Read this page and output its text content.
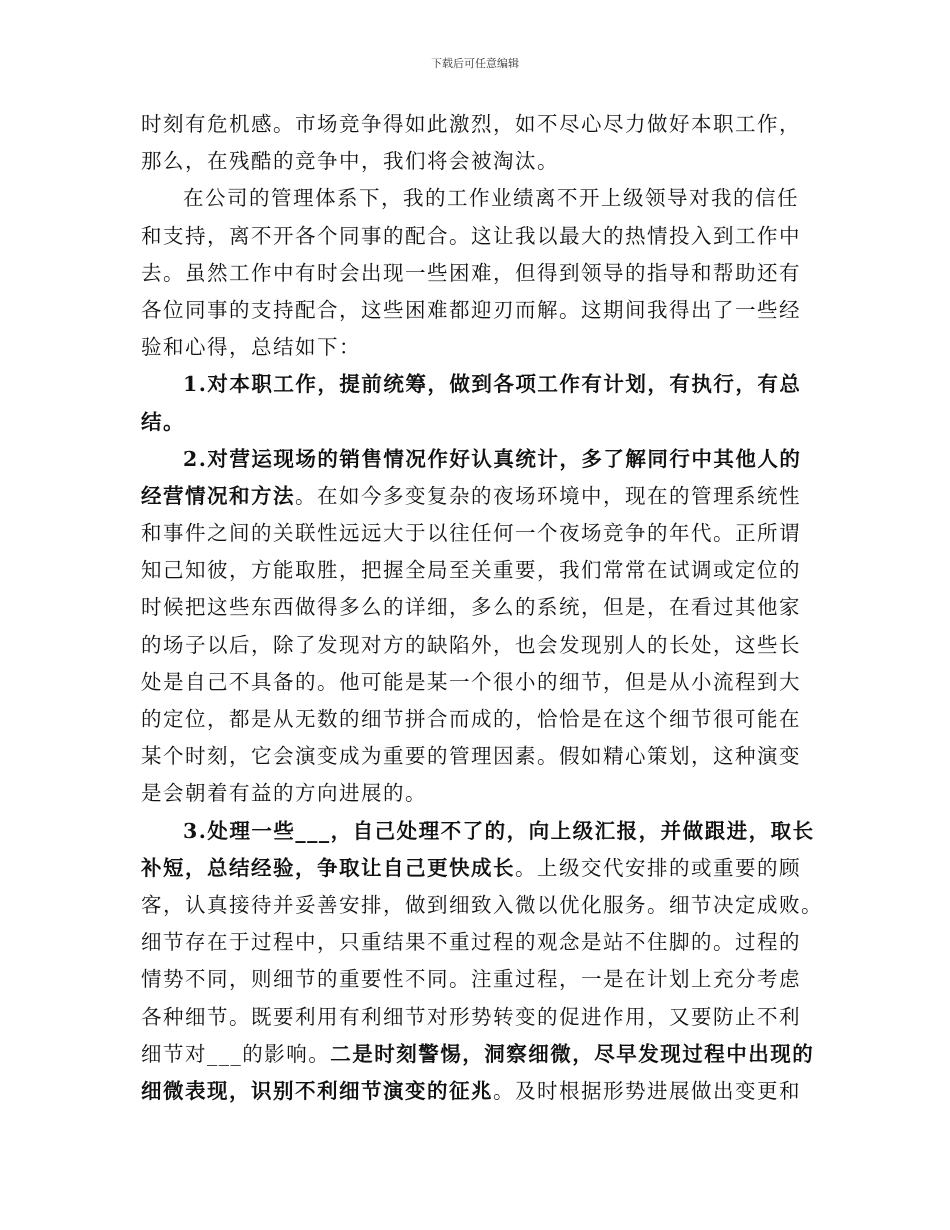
下载后可任意编辑
时刻有危机感。市场竞争得如此激烈，如不尽心尽力做好本职工作，
那么，在残酷的竞争中，我们将会被淘汰。
在公司的管理体系下，我的工作业绩离不开上级领导对我的信任
和支持，离不开各个同事的配合。这让我以最大的热情投入到工作中
去。虽然工作中有时会出现一些困难，但得到领导的指导和帮助还有
各位同事的支持配合，这些困难都迎刃而解。这期间我得出了一些经
验和心得，总结如下：
1.对本职工作，提前统筹，做到各项工作有计划，有执行，有总
结。
2.对营运现场的销售情况作好认真统计，多了解同行中其他人的
经营情况和方法。在如今多变复杂的夜场环境中，现在的管理系统性
和事件之间的关联性远远大于以往任何一个夜场竞争的年代。正所谓
知己知彼，方能取胜，把握全局至关重要，我们常常在试调或定位的
时候把这些东西做得多么的详细，多么的系统，但是，在看过其他家
的场子以后，除了发现对方的缺陷外，也会发现别人的长处，这些长
处是自己不具备的。他可能是某一个很小的细节，但是从小流程到大
的定位，都是从无数的细节拼合而成的，恰恰是在这个细节很可能在
某个时刻，它会演变成为重要的管理因素。假如精心策划，这种演变
是会朝着有益的方向进展的。
3.处理一些___，自己处理不了的，向上级汇报，并做跟进，取长
补短，总结经验，争取让自己更快成长。上级交代安排的或重要的顾
客，认真接待并妥善安排，做到细致入微以优化服务。细节决定成败。
细节存在于过程中，只重结果不重过程的观念是站不住脚的。过程的
情势不同，则细节的重要性不同。注重过程，一是在计划上充分考虑
各种细节。既要利用有利细节对形势转变的促进作用，又要防止不利
细节对___的影响。二是时刻警惕，洞察细微，尽早发现过程中出现的
细微表现，识别不利细节演变的征兆。及时根据形势进展做出变更和
